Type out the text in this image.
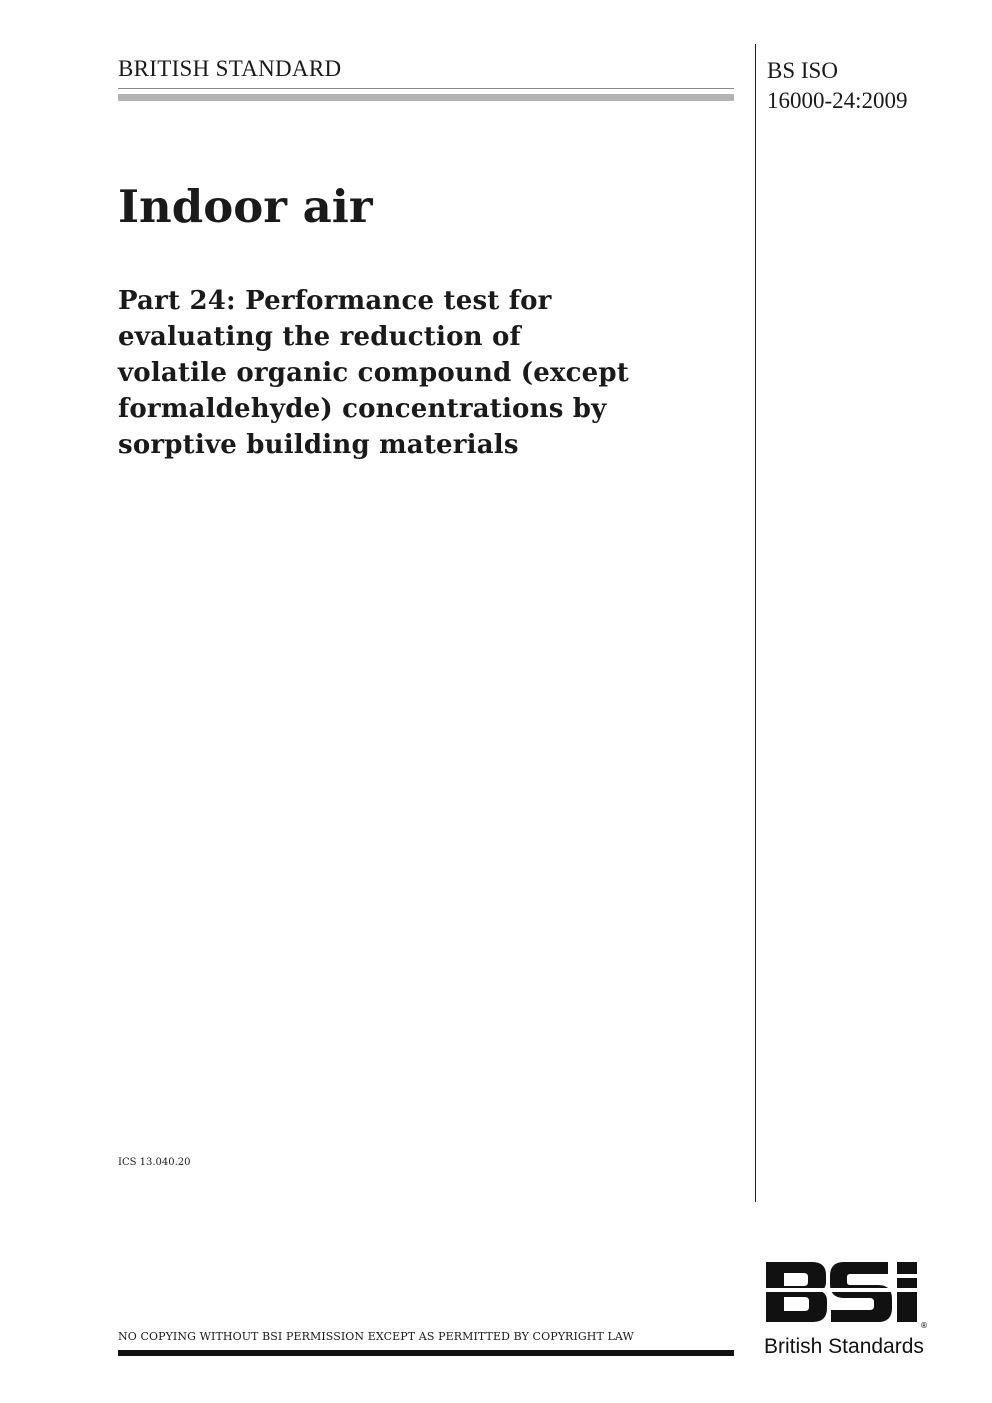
BRITISH STANDARD	BS ISO
16000-24:2009
Indoor air
Part 24: Performance test for
evaluating the reduction of
volatile organic compound (except
formaldehyde) concentrations by
sorptive building materials
ICS 13.040.20
NO COPYING WITHOUT BSI PERMISSION EXCEPT AS PERMITTED BY COPYRIGHT LAW
®
British Standards
